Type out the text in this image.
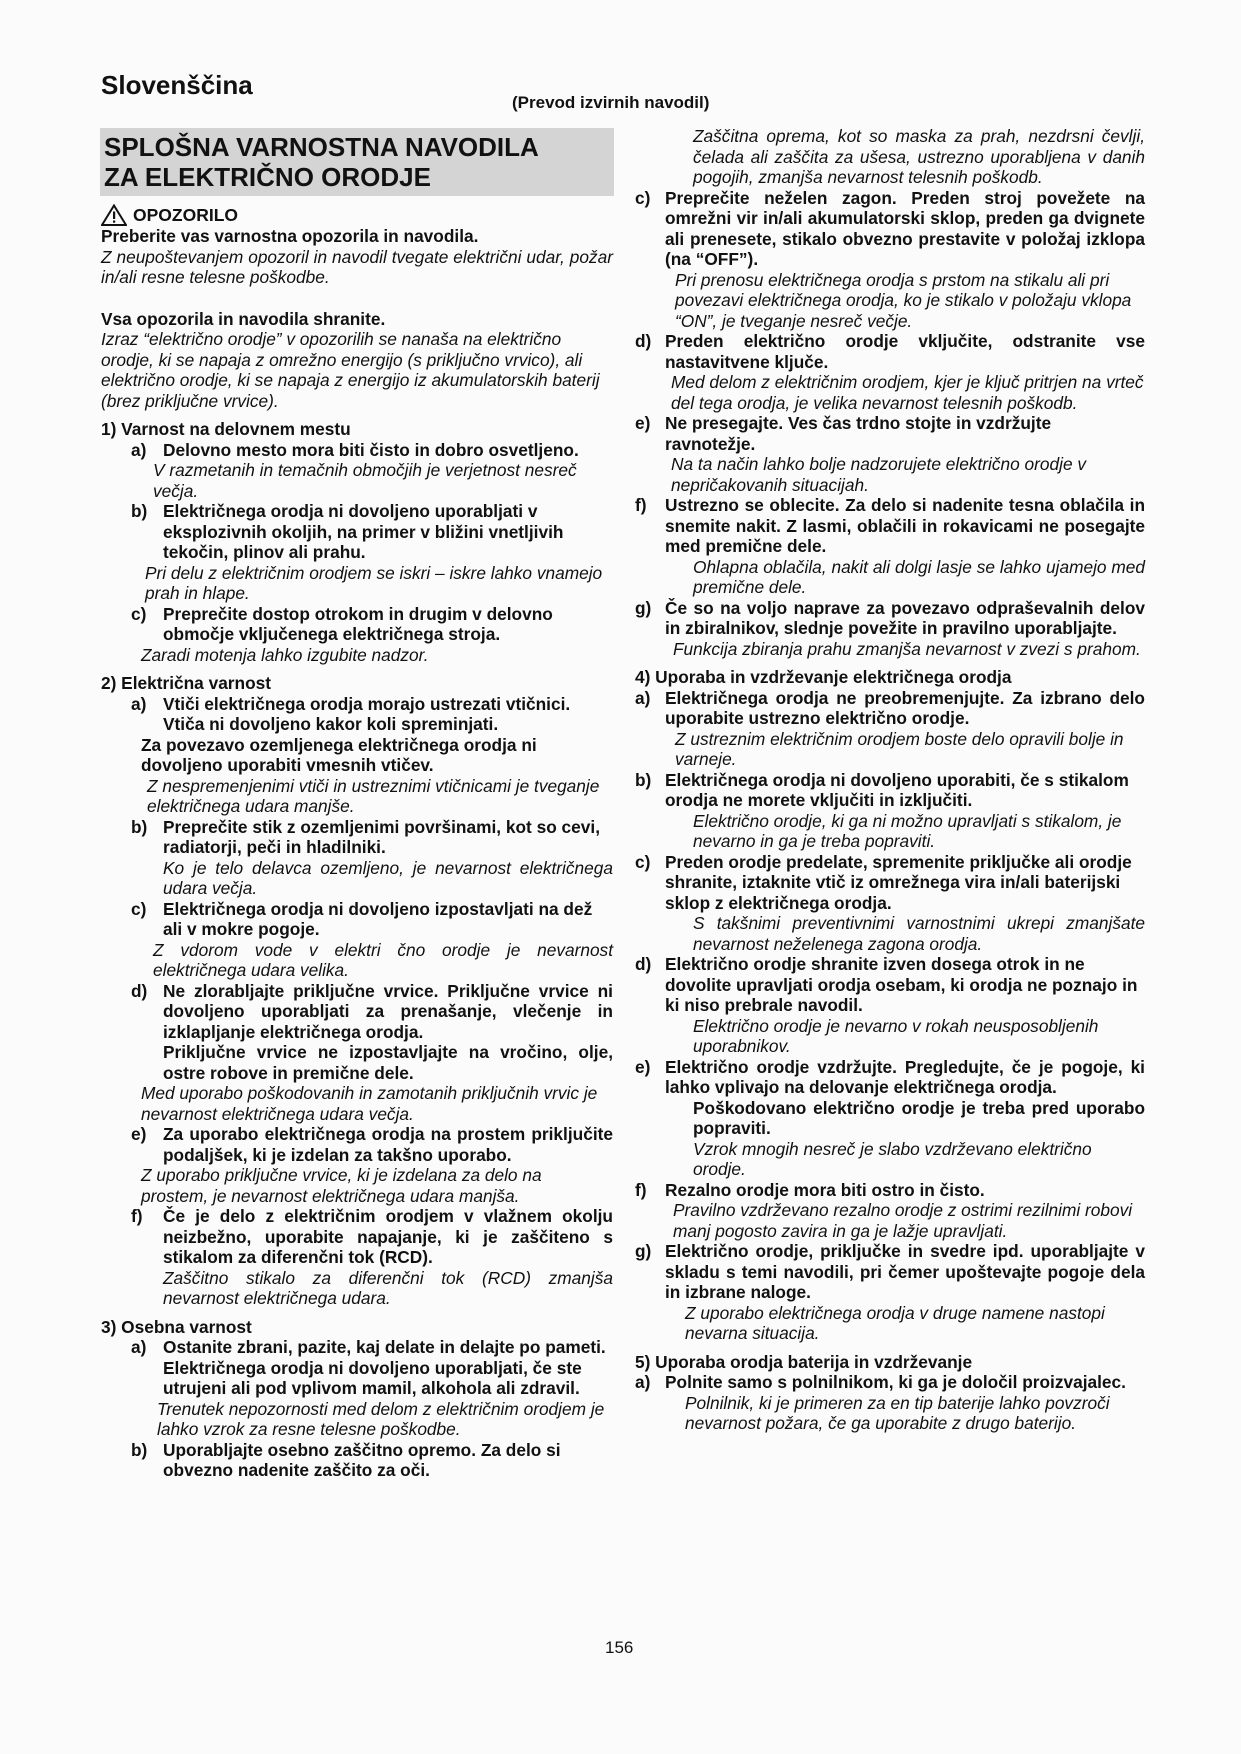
Slovenščina
(Prevod izvirnih navodil)
SPLOŠNA VARNOSTNA NAVODILA
ZA ELEKTRIČNO ORODJE
OPOZORILO

Preberite vas varnostna opozorila in navodila.

Z neupoštevanjem opozoril in navodil tvegate električni udar, požar in/ali resne telesne poškodbe.

Vsa opozorila in navodila shranite.

Izraz “električno orodje” v opozorilih se nanaša na električno orodje, ki se napaja z omrežno energijo (s priključno vrvico), ali električno orodje, ki se napaja z energijo iz akumulatorskih baterij (brez priključne vrvice).

1) Varnost na delovnem mestu

a) Delovno mesto mora biti čisto in dobro osvetljeno.

V razmetanih in temačnih območjih je verjetnost nesreč večja.

b) Električnega orodja ni dovoljeno uporabljati v eksplozivnih okoljih, na primer v bližini vnetljivih tekočin, plinov ali prahu.

Pri delu z električnim orodjem se iskri – iskre lahko vnamejo prah in hlape.

c) Preprečite dostop otrokom in drugim v delovno območje vključenega električnega stroja.

Zaradi motenja lahko izgubite nadzor.

2) Električna varnost

a) Vtiči električnega orodja morajo ustrezati vtičnici.

Vtiča ni dovoljeno kakor koli spreminjati.

Za povezavo ozemljenega električnega orodja ni dovoljeno uporabiti vmesnih vtičev.

Z nespremenjenimi vtiči in ustreznimi vtičnicami je tveganje električnega udara manjše.

b) Preprečite stik z ozemljenimi površinami, kot so cevi, radiatorji, peči in hladilniki.

Ko je telo delavca ozemljeno, je nevarnost električnega udara večja.

c) Električnega orodja ni dovoljeno izpostavljati na dež ali v mokre pogoje.

Z vdorom vode v elektri čno orodje je nevarnost električnega udara velika.

d) Ne zlorabljajte priključne vrvice. Priključne vrvice ni dovoljeno uporabljati za prenašanje, vlečenje in izklapljanje električnega orodja.

Priključne vrvice ne izpostavljajte na vročino, olje, ostre robove in premične dele.

Med uporabo poškodovanih in zamotanih priključnih vrvic je nevarnost električnega udara večja.

e) Za uporabo električnega orodja na prostem priključite podaljšek, ki je izdelan za takšno uporabo.

Z uporabo priključne vrvice, ki je izdelana za delo na prostem, je nevarnost električnega udara manjša.

f)	Če je delo z električnim orodjem v vlažnem okolju neizbežno, uporabite napajanje, ki je zaščiteno s stikalom za diferenčni tok (RCD).

Zaščitno stikalo za diferenčni tok (RCD) zmanjša nevarnost električnega udara.

3) Osebna varnost

a) Ostanite zbrani, pazite, kaj delate in delajte po pameti.

Električnega orodja ni dovoljeno uporabljati, če ste utrujeni ali pod vplivom mamil, alkohola ali zdravil.

Trenutek nepozornosti med delom z električnim orodjem je lahko vzrok za resne telesne poškodbe.

b) Uporabljajte osebno zaščitno opremo. Za delo si obvezno nadenite zaščito za oči.

Zaščitna oprema, kot so maska za prah, nezdrsni čevlji, čelada ali zaščita za ušesa, ustrezno uporabljena v danih pogojih, zmanjša nevarnost telesnih poškodb.

c) Preprečite neželen zagon. Preden stroj povežete na omrežni vir in/ali akumulatorski sklop, preden ga dvignete ali prenesete, stikalo obvezno prestavite v položaj izklopa (na “OFF”).

Pri prenosu električnega orodja s prstom na stikalu ali pri povezavi električnega orodja, ko je stikalo v položaju vklopa “ON”, je tveganje nesreč večje.

d) Preden električno orodje vključite, odstranite vse nastavitvene ključe.

Med delom z električnim orodjem, kjer je ključ pritrjen na vrteč del tega orodja, je velika nevarnost telesnih poškodb.

e) Ne presegajte. Ves čas trdno stojte in vzdržujte ravnotežje.

Na ta način lahko bolje nadzorujete električno orodje v nepričakovanih situacijah.

f)	Ustrezno se oblecite. Za delo si nadenite tesna oblačila in snemite nakit. Z lasmi, oblačili in rokavicami ne posegajte med premične dele.

Ohlapna oblačila, nakit ali dolgi lasje se lahko ujamejo med premične dele.

g) Če so na voljo naprave za povezavo odpraševalnih delov in zbiralnikov, slednje povežite in pravilno uporabljajte.

Funkcija zbiranja prahu zmanjša nevarnost v zvezi s prahom.

4) Uporaba in vzdrževanje električnega orodja

a) Električnega orodja ne preobremenjujte. Za izbrano delo uporabite ustrezno električno orodje.

Z ustreznim električnim orodjem boste delo opravili bolje in varneje.

b) Električnega orodja ni dovoljeno uporabiti, če s stikalom orodja ne morete vključiti in izključiti.

Električno orodje, ki ga ni možno upravljati s stikalom, je nevarno in ga je treba popraviti.

c) Preden orodje predelate, spremenite priključke ali orodje shranite, iztaknite vtič iz omrežnega vira in/ali baterijski sklop z električnega orodja.

S takšnimi preventivnimi varnostnimi ukrepi zmanjšate nevarnost neželenega zagona orodja.

d) Električno orodje shranite izven dosega otrok in ne dovolite upravljati orodja osebam, ki orodja ne poznajo in ki niso prebrale navodil.

Električno orodje je nevarno v rokah neusposobljenih uporabnikov.

e) Električno orodje vzdržujte. Pregledujte, če je pogoje, ki lahko vplivajo na delovanje električnega orodja.

Poškodovano električno orodje je treba pred uporabo popraviti.

Vzrok mnogih nesreč je slabo vzdrževano električno orodje.

f)	Rezalno orodje mora biti ostro in čisto.

Pravilno vzdrževano rezalno orodje z ostrimi rezilnimi robovi manj pogosto zavira in ga je lažje upravljati.

g) Električno orodje, priključke in svedre ipd. uporabljajte v skladu s temi navodili, pri čemer upoštevajte pogoje dela in izbrane naloge.

Z uporabo električnega orodja v druge namene nastopi nevarna situacija.

5) Uporaba orodja baterija in vzdrževanje

a) Polnite samo s polnilnikom, ki ga je določil proizvajalec.

Polnilnik, ki je primeren za en tip baterije lahko povzroči nevarnost požara, če ga uporabite z drugo baterijo.

156
